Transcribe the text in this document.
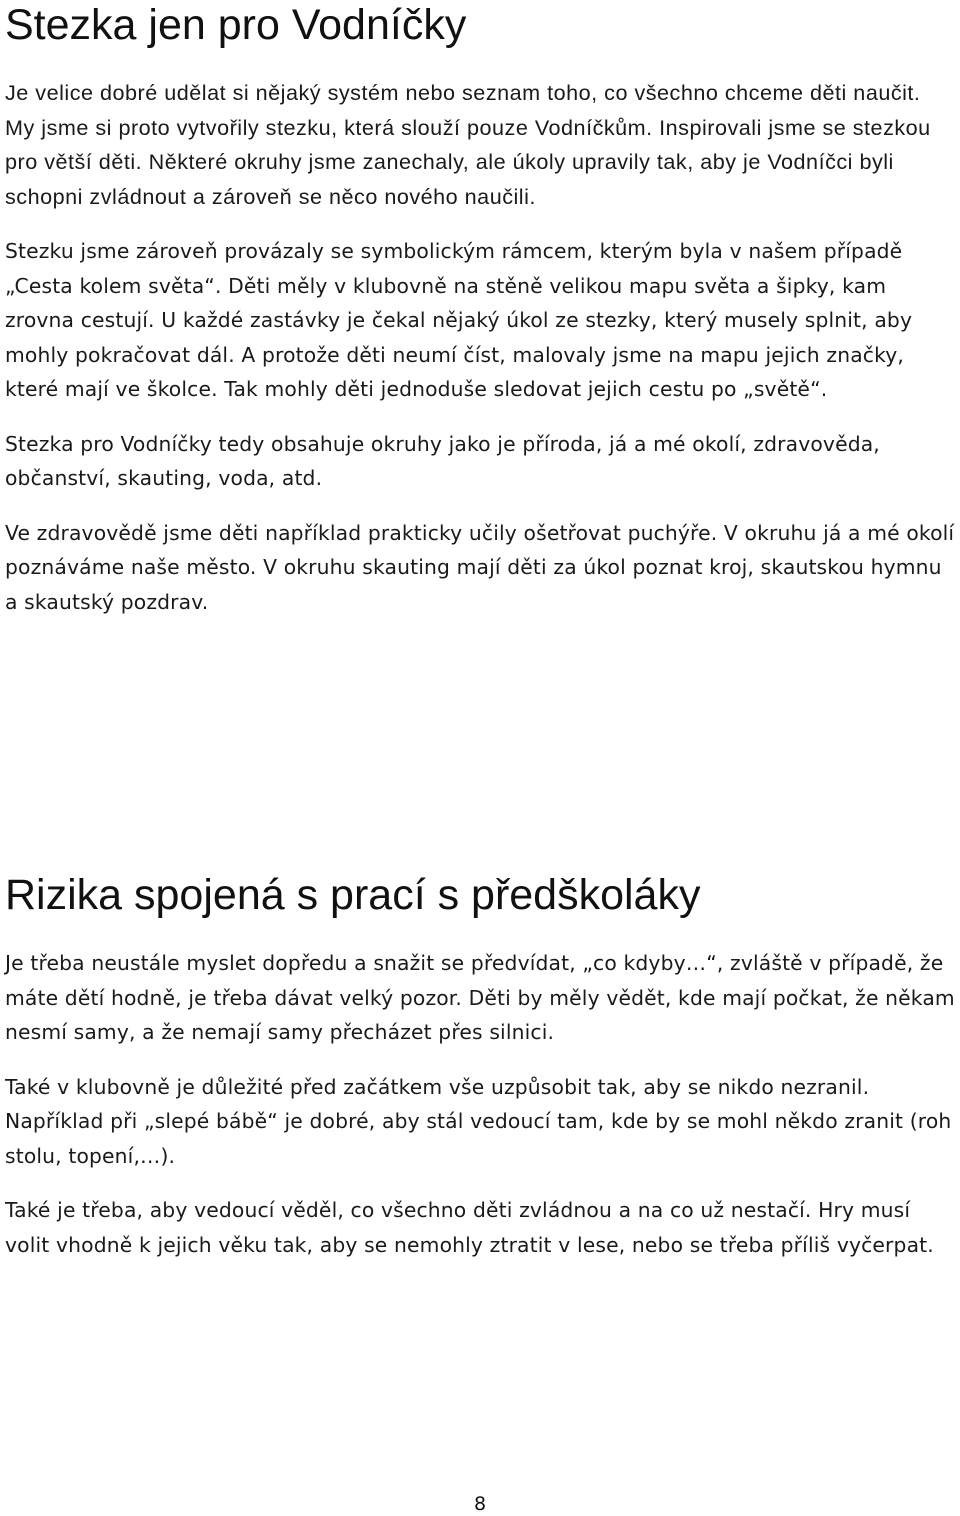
Stezka jen pro Vodníčky

Je velice dobré udělat si nějaký systém nebo seznam toho, co všechno chceme děti naučit. My jsme si proto vytvořily stezku, která slouží pouze Vodníčkům. Inspirovali jsme se stezkou pro větší děti. Některé okruhy jsme zanechaly, ale úkoly upravily tak, aby je Vodníčci byli schopni zvládnout a zároveň se něco nového naučili.

Stezku jsme zároveň provázaly se symbolickým rámcem, kterým byla v našem případě „Cesta kolem světa“. Děti měly v klubovně na stěně velikou mapu světa a šipky, kam zrovna cestují. U každé zastávky je čekal nějaký úkol ze stezky, který musely splnit, aby mohly pokračovat dál. A protože děti neumí číst, malovaly jsme na mapu jejich značky, které mají ve školce. Tak mohly děti jednoduše sledovat jejich cestu po „světě“.

Stezka pro Vodníčky tedy obsahuje okruhy jako je příroda, já a mé okolí, zdravověda, občanství, skauting, voda, atd.

Ve zdravovědě jsme děti například prakticky učily ošetřovat puchýře. V okruhu já a mé okolí poznáváme naše město. V okruhu skauting mají děti za úkol poznat kroj, skautskou hymnu a skautský pozdrav.

Rizika spojená s prací s předškoláky

Je třeba neustále myslet dopředu a snažit se předvídat, „co kdyby…“, zvláště v případě, že máte dětí hodně, je třeba dávat velký pozor. Děti by měly vědět, kde mají počkat, že někam nesmí samy, a že nemají samy přecházet přes silnici.

Také v klubovně je důležité před začátkem vše uzpůsobit tak, aby se nikdo nezranil. Například při „slepé bábě“ je dobré, aby stál vedoucí tam, kde by se mohl někdo zranit (roh stolu, topení,…).

Také je třeba, aby vedoucí věděl, co všechno děti zvládnou a na co už nestačí. Hry musí volit vhodně k jejich věku tak, aby se nemohly ztratit v lese, nebo se třeba příliš vyčerpat.

8
